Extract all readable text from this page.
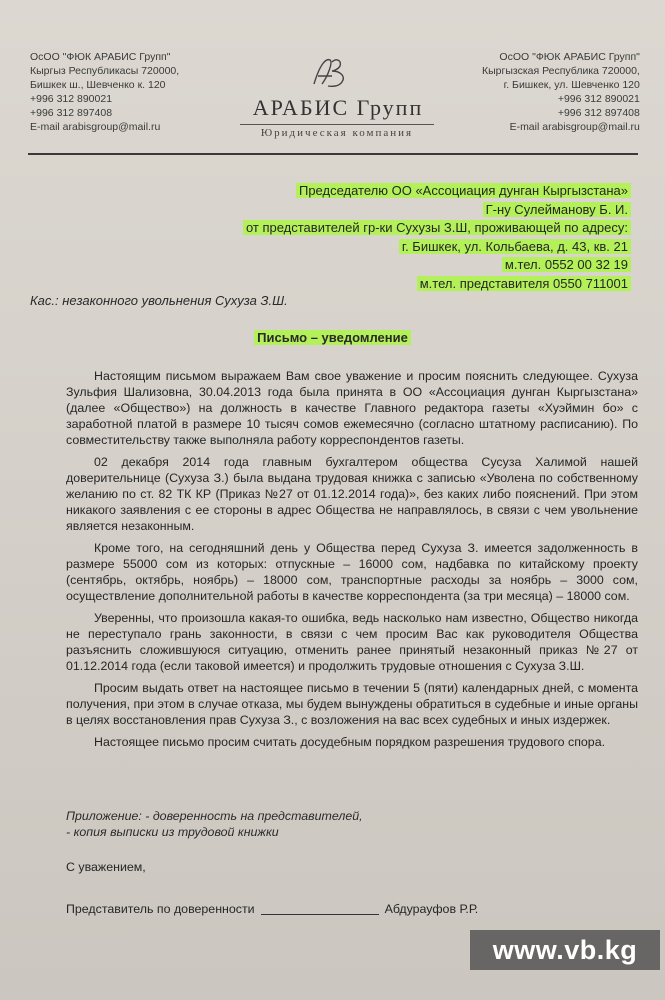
ОсОО "ФЮК АРАБИС Групп"
Кыргыз Республикасы 720000,
Бишкек ш., Шевченко к. 120
+996 312 890021
+996 312 897408
E-mail arabisgroup@mail.ru
АРАБИС Групп
Юридическая компания
ОсОО "ФЮК АРАБИС Групп"
Кыргызская Республика 720000,
г. Бишкек, ул. Шевченко 120
+996 312 890021
+996 312 897408
E-mail arabisgroup@mail.ru
Председателю ОО «Ассоциация дунган Кыргызстана»
Г-ну Сулейманову Б. И.
от представителей гр-ки Сухузы З.Ш, проживающей по адресу:
г. Бишкек, ул. Кольбаева, д. 43, кв. 21
м.тел. 0552 00 32 19
м.тел. представителя 0550 711001
Кас.: незаконного увольнения Сухуза З.Ш.
Письмо – уведомление

Настоящим письмом выражаем Вам свое уважение и просим пояснить следующее. Сухуза Зульфия Шализовна, 30.04.2013 года была принята в ОО «Ассоциация дунган Кыргызстана» (далее «Общество») на должность в качестве Главного редактора газеты «Хуэймин бо» с заработной платой в размере 10 тысяч сомов ежемесячно (согласно штатному расписанию). По совместительству также выполняла работу корреспондентов газеты.

02 декабря 2014 года главным бухгалтером общества Сусуза Халимой нашей доверительнице (Сухуза З.) была выдана трудовая книжка с записью «Уволена по собственному желанию по ст. 82 ТК КР (Приказ №27 от 01.12.2014 года)», без каких либо пояснений. При этом никакого заявления с ее стороны в адрес Общества не направлялось, в связи с чем увольнение является незаконным.

Кроме того, на сегодняшний день у Общества перед Сухуза З. имеется задолженность в размере 55000 сом из которых: отпускные – 16000 сом, надбавка по китайскому проекту (сентябрь, октябрь, ноябрь) – 18000 сом, транспортные расходы за ноябрь – 3000 сом, осуществление дополнительной работы в качестве корреспондента (за три месяца) – 18000 сом.

Уверенны, что произошла какая-то ошибка, ведь насколько нам известно, Общество никогда не переступало грань законности, в связи с чем просим Вас как руководителя Общества разъяснить сложившуюся ситуацию, отменить ранее принятый незаконный приказ №27 от 01.12.2014 года (если таковой имеется) и продолжить трудовые отношения с Сухуза З.Ш.

Просим выдать ответ на настоящее письмо в течении 5 (пяти) календарных дней, с момента получения, при этом в случае отказа, мы будем вынуждены обратиться в судебные и иные органы в целях восстановления прав Сухуза З., с возложения на вас всех судебных и иных издержек.

Настоящее письмо просим считать досудебным порядком разрешения трудового спора.

Приложение: - доверенность на представителей,
- копия выписки из трудовой книжки
С уважением,
Представитель по доверенности	Абдурауфов Р.Р.
www.vb.kg
